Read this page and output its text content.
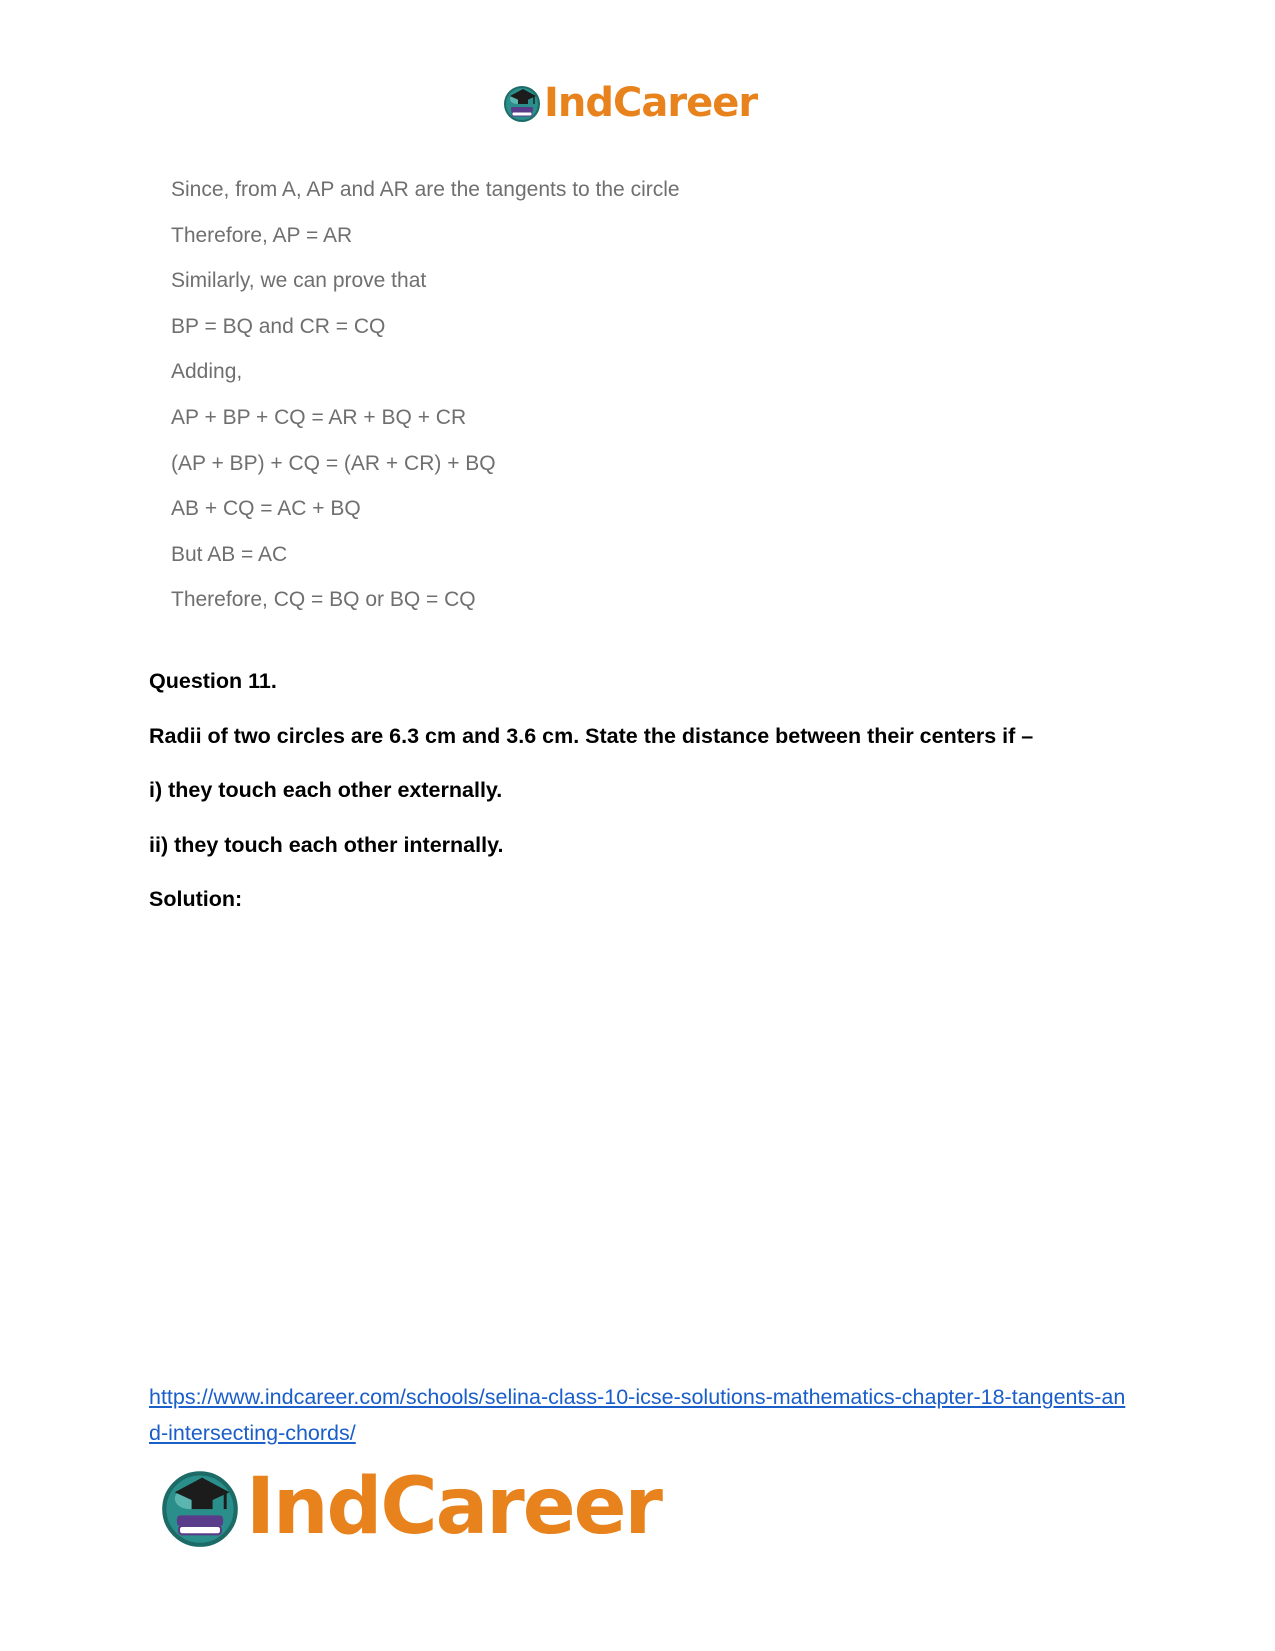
IndCareer
Since, from A, AP and AR are the tangents to the circle
Therefore, AP = AR
Similarly, we can prove that
BP = BQ and CR = CQ
Adding,
AP + BP + CQ = AR + BQ + CR
(AP + BP) + CQ = (AR + CR) + BQ
AB + CQ = AC + BQ
But AB = AC
Therefore, CQ = BQ or BQ = CQ

Question 11.

Radii of two circles are 6.3 cm and 3.6 cm. State the distance between their centers if –

i) they touch each other externally.

ii) they touch each other internally.

Solution:

https://www.indcareer.com/schools/selina-class-10-icse-solutions-mathematics-chapter-18-tangents-and-intersecting-chords/
IndCareer
